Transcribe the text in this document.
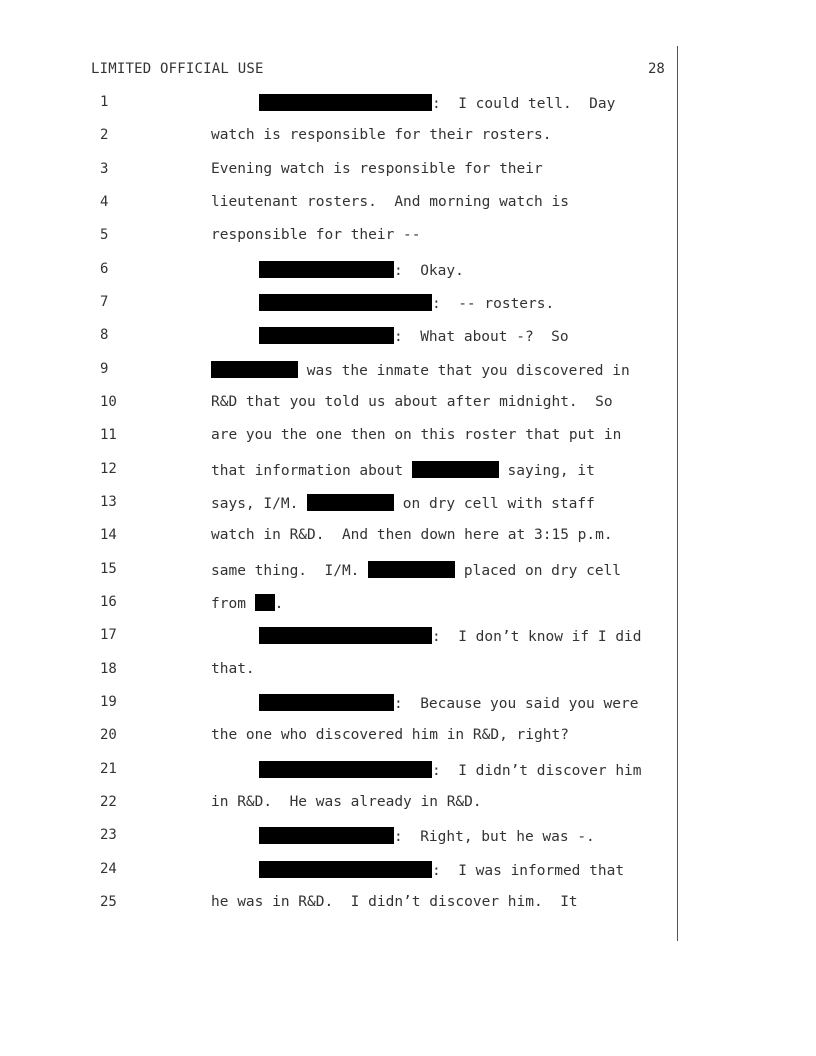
LIMITED OFFICIAL USE	28
1	:  I could tell.  Day
2	watch is responsible for their rosters.
3	Evening watch is responsible for their
4	lieutenant rosters.  And morning watch is
5	responsible for their --
6	:  Okay.
7	:  -- rosters.
8	:  What about -?  So
9	was the inmate that you discovered in
10	R&D that you told us about after midnight.  So
11	are you the one then on this roster that put in
12	that information about	saying, it
13	says, I/M.	on dry cell with staff
14	watch in R&D.  And then down here at 3:15 p.m.
15	same thing.  I/M.	placed on dry cell
16	from .
17	:  I don’t know if I did
18	that.
19	:  Because you said you were
20	the one who discovered him in R&D, right?
21	:  I didn’t discover him
22	in R&D.  He was already in R&D.
23	:  Right, but he was -.
24	:  I was informed that
25	he was in R&D.  I didn’t discover him.  It
